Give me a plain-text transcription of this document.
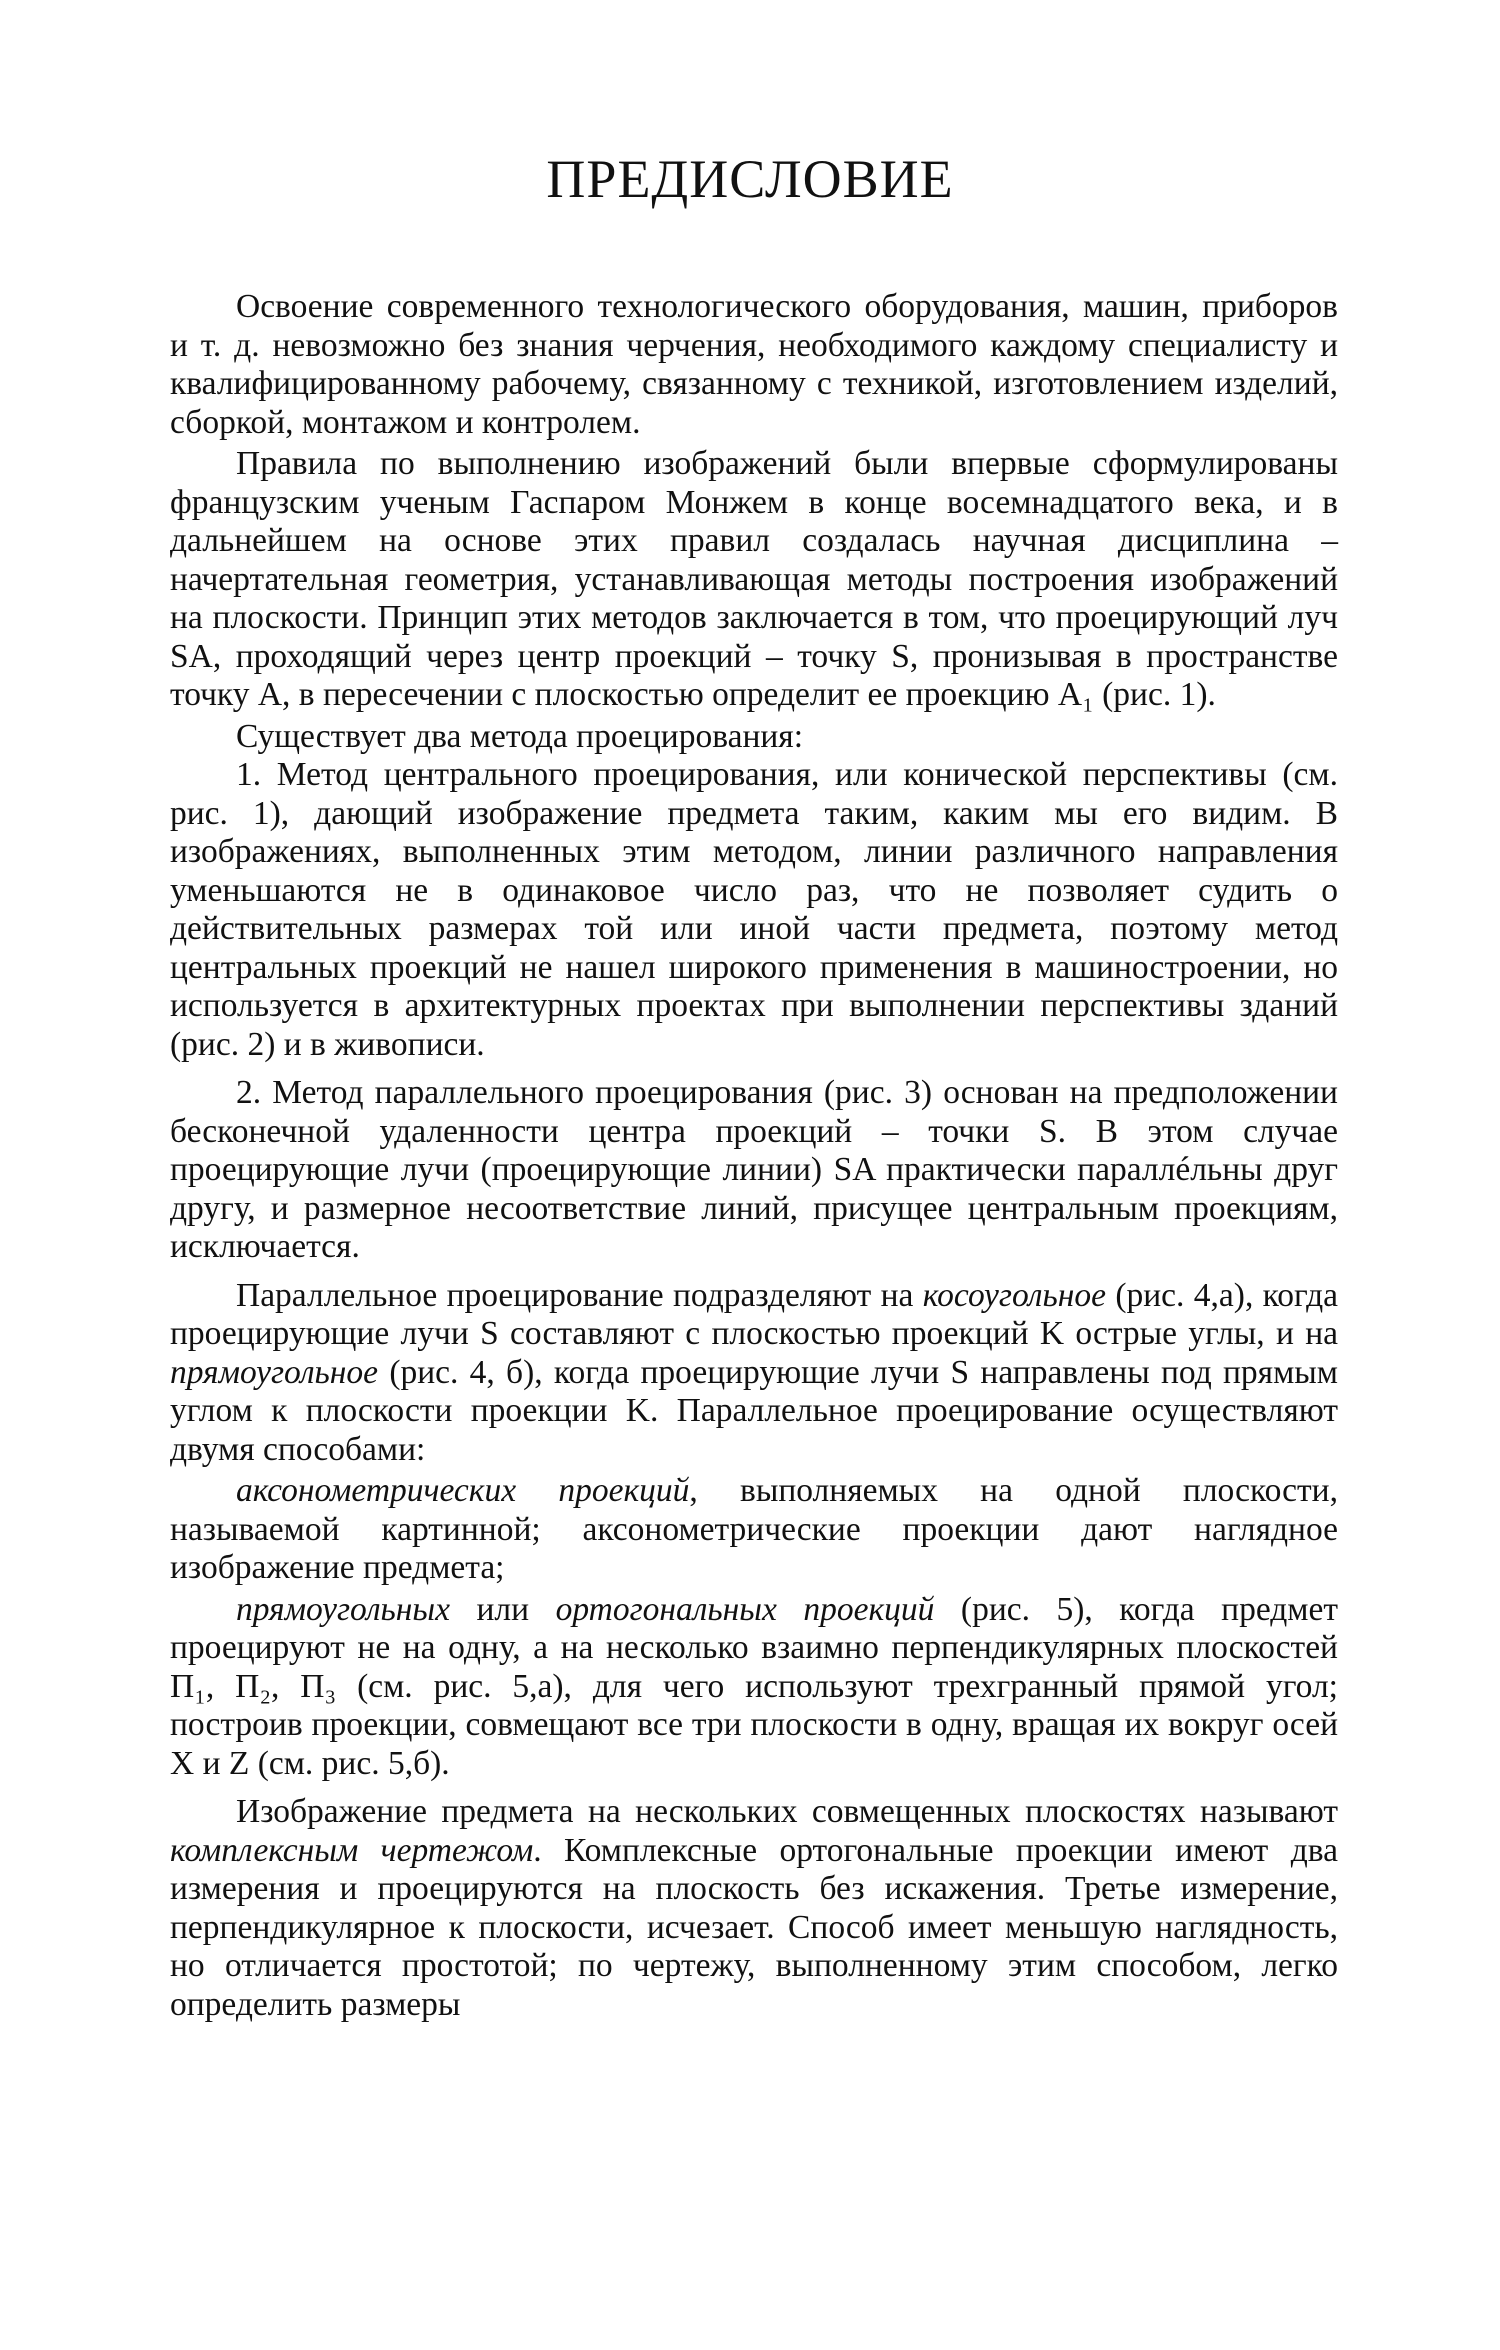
ПРЕДИСЛОВИЕ

Освоение современного технологического оборудования, машин, приборов и т. д. невозможно без знания черчения, необходимого каждому специалисту и квалифицированному рабочему, связанному с техникой, изготовлением изделий, сборкой, монтажом и контролем.

Правила по выполнению изображений были впервые сформулированы французским ученым Гаспаром Монжем в конце восемнадцатого века, и в дальнейшем на основе этих правил создалась научная дисциплина – начертательная геометрия, устанавливающая методы построения изображений на плоскости. Принцип этих методов заключается в том, что проецирующий луч SA, проходящий через центр проекций – точку S, пронизывая в пространстве точку A, в пересечении с плоскостью определит ее проекцию A₁ (рис. 1).

Существует два метода проецирования:

1. Метод центрального проецирования, или конической перспективы (см. рис. 1), дающий изображение предмета таким, каким мы его видим. В изображениях, выполненных этим методом, линии различного направления уменьшаются не в одинаковое число раз, что не позволяет судить о действительных размерах той или иной части предмета, поэтому метод центральных проекций не нашел широкого применения в машиностроении, но используется в архитектурных проектах при выполнении перспективы зданий (рис. 2) и в живописи.

2. Метод параллельного проецирования (рис. 3) основан на предположении бесконечной удаленности центра проекций – точки S. В этом случае проецирующие лучи (проецирующие линии) SA практически параллéльны друг другу, и размерное несоответствие линий, присущее центральным проекциям, исключается.

Параллельное проецирование подразделяют на косоугольное (рис. 4,а), когда проецирующие лучи S составляют с плоскостью проекций K острые углы, и на прямоугольное (рис. 4, б), когда проецирующие лучи S направлены под прямым углом к плоскости проекции K. Параллельное проецирование осуществляют двумя способами:

аксонометрических проекций, выполняемых на одной плоскости, называемой картинной; аксонометрические проекции дают наглядное изображение предмета;

прямоугольных или ортогональных проекций (рис. 5), когда предмет проецируют не на одну, а на несколько взаимно перпендикулярных плоскостей П₁, П₂, П₃ (см. рис. 5,а), для чего используют трехгранный прямой угол; построив проекции, совмещают все три плоскости в одну, вращая их вокруг осей X и Z (см. рис. 5,б).

Изображение предмета на нескольких совмещенных плоскостях называют комплексным чертежом. Комплексные ортогональные проекции имеют два измерения и проецируются на плоскость без искажения. Третье измерение, перпендикулярное к плоскости, исчезает. Способ имеет меньшую наглядность, но отличается простотой; по чертежу, выполненному этим способом, легко определить размеры
